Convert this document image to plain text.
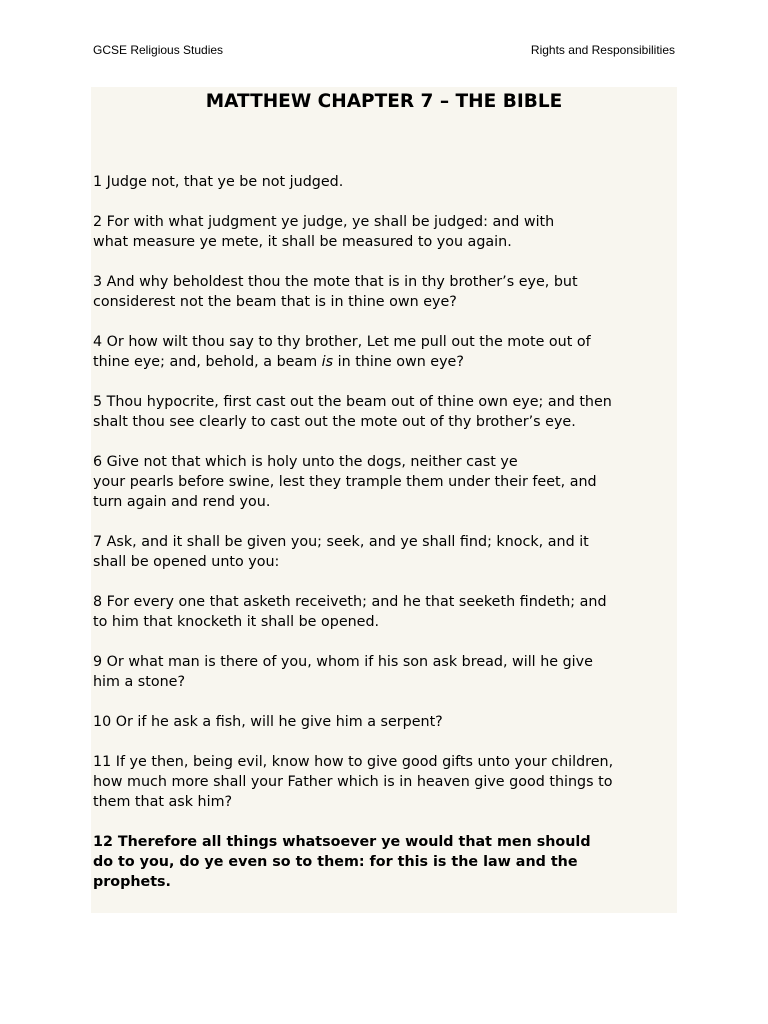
GCSE Religious Studies	Rights and Responsibilities
MATTHEW CHAPTER 7 – THE BIBLE

1 Judge not, that ye be not judged.

2 For with what judgment ye judge, ye shall be judged: and with
what measure ye mete, it shall be measured to you again.

3 And why beholdest thou the mote that is in thy brother’s eye, but
considerest not the beam that is in thine own eye?

4 Or how wilt thou say to thy brother, Let me pull out the mote out of
thine eye; and, behold, a beam is in thine own eye?

5 Thou hypocrite, first cast out the beam out of thine own eye; and then
shalt thou see clearly to cast out the mote out of thy brother’s eye.

6 Give not that which is holy unto the dogs, neither cast ye
your pearls before swine, lest they trample them under their feet, and
turn again and rend you.

7 Ask, and it shall be given you; seek, and ye shall find; knock, and it
shall be opened unto you:

8 For every one that asketh receiveth; and he that seeketh findeth; and
to him that knocketh it shall be opened.

9 Or what man is there of you, whom if his son ask bread, will he give
him a stone?

10 Or if he ask a fish, will he give him a serpent?

11 If ye then, being evil, know how to give good gifts unto your children,
how much more shall your Father which is in heaven give good things to
them that ask him?

12 Therefore all things whatsoever ye would that men should
do to you, do ye even so to them: for this is the law and the
prophets.
